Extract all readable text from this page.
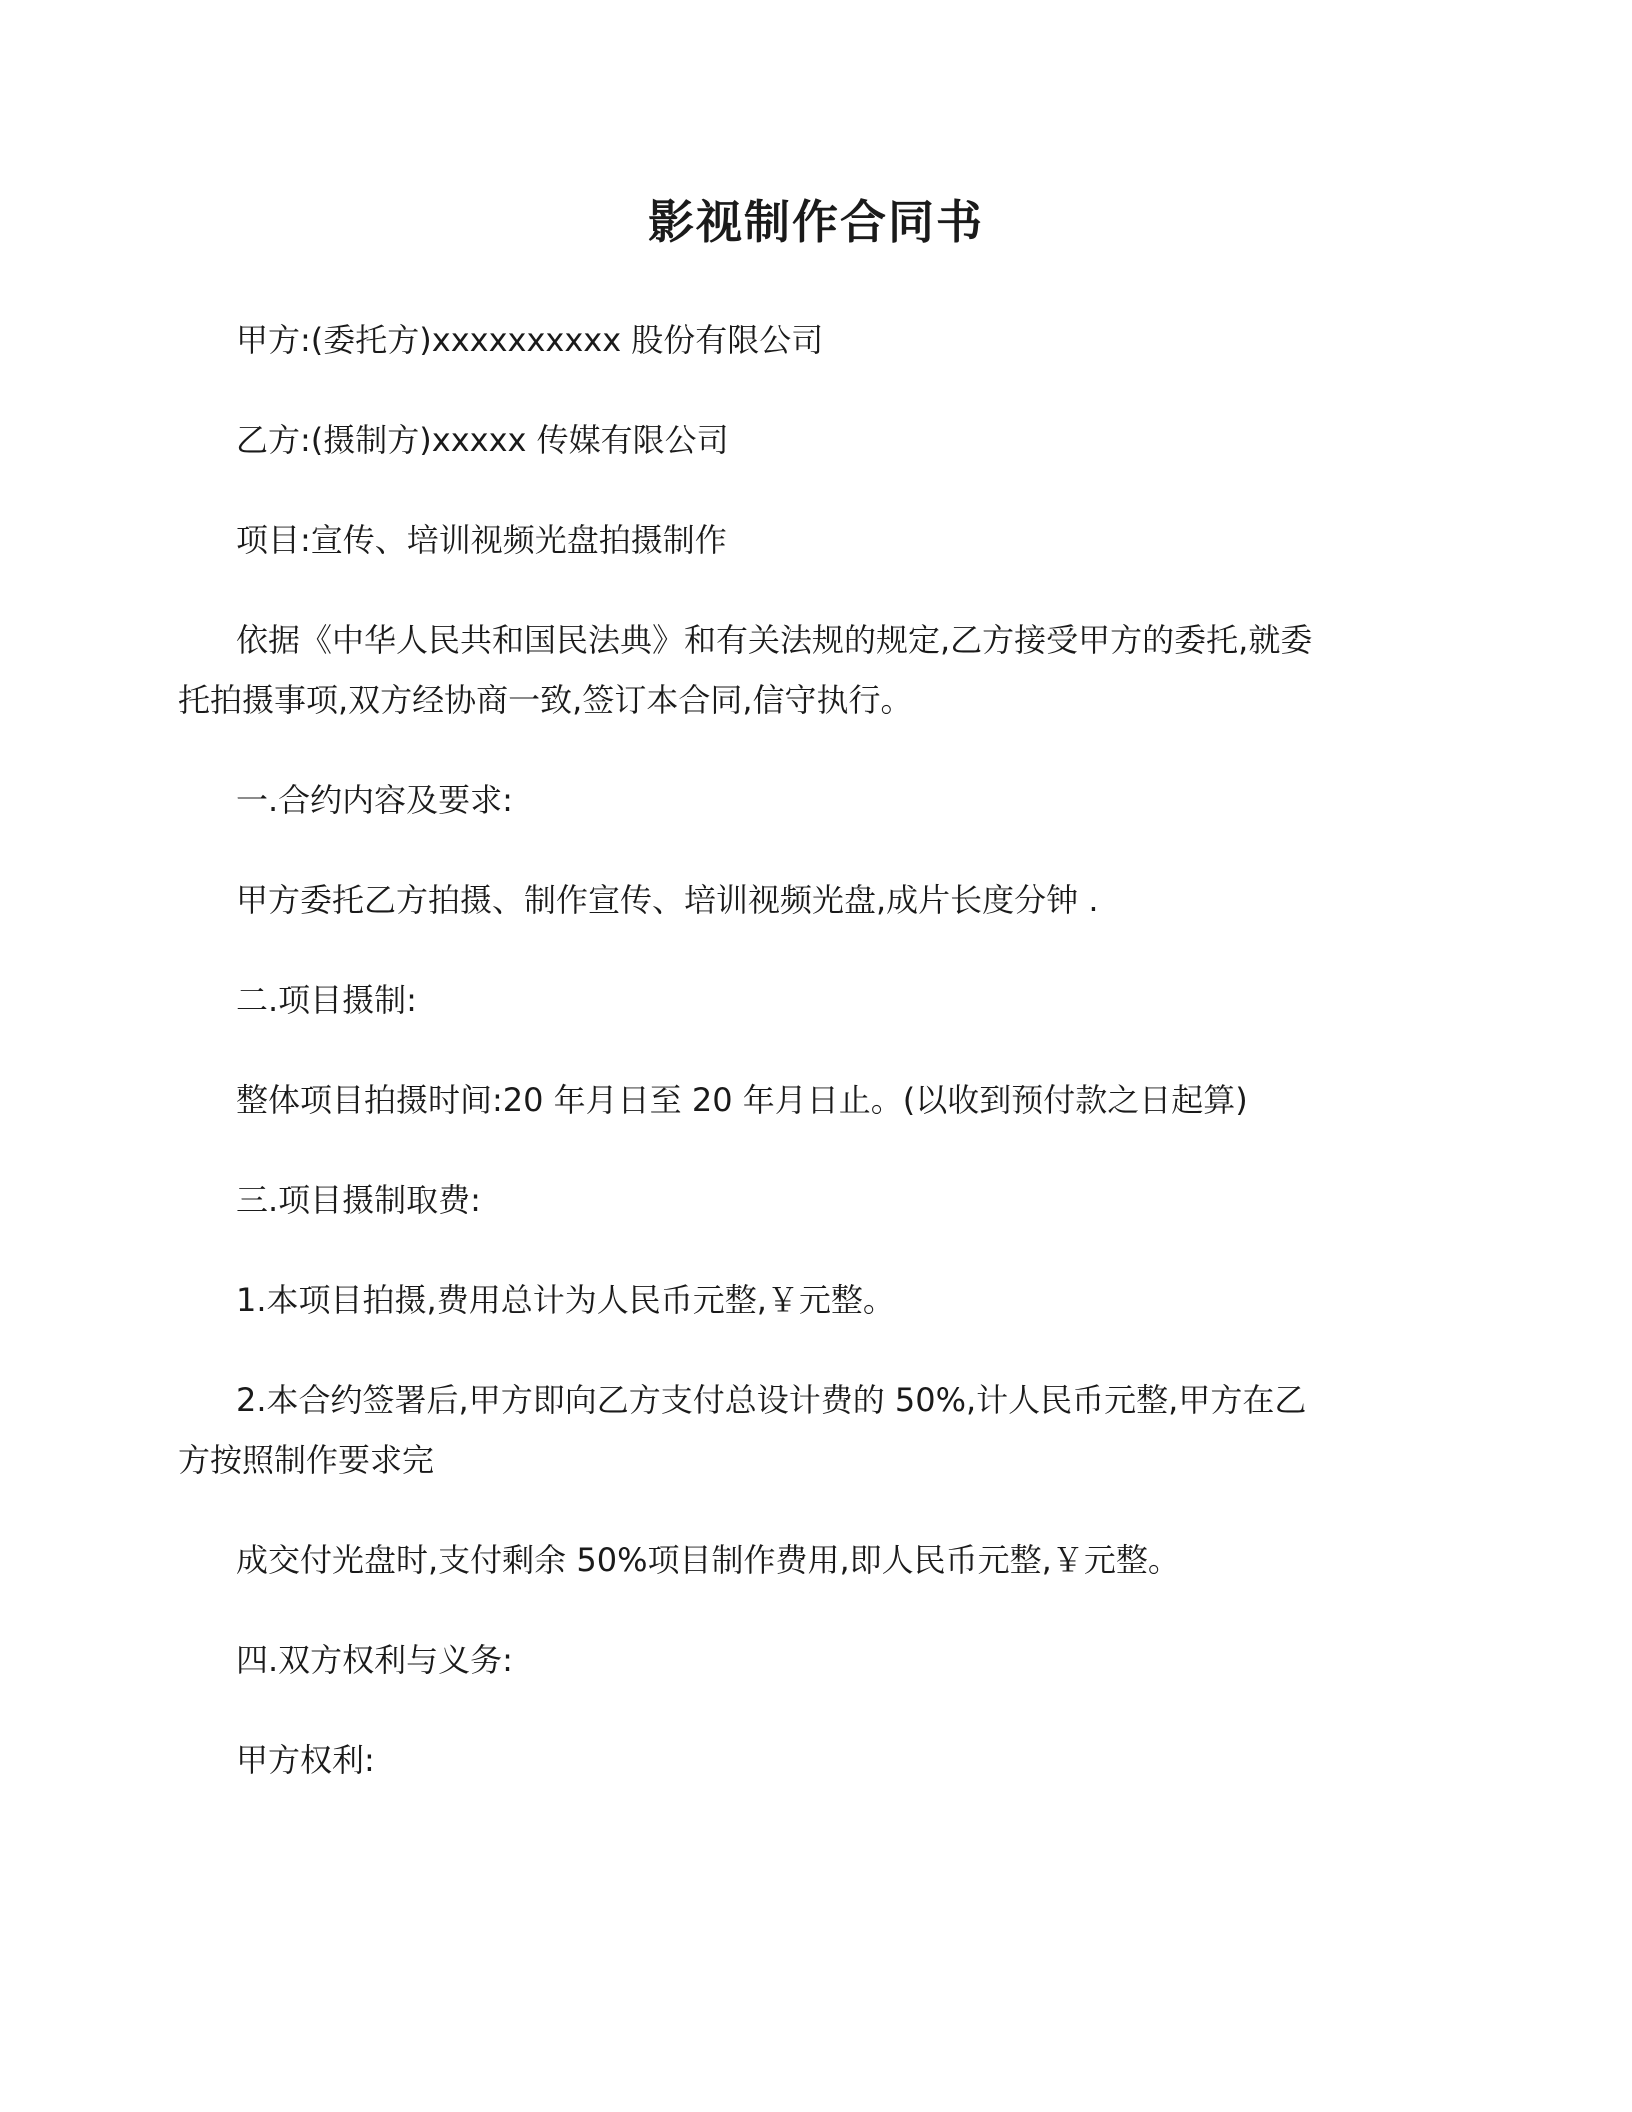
影视制作合同书

甲方:(委托方)xxxxxxxxxx 股份有限公司

乙方:(摄制方)xxxxx 传媒有限公司

项目:宣传、培训视频光盘拍摄制作

依据《中华人民共和国民法典》和有关法规的规定,乙方接受甲方的委托,就委
托拍摄事项,双方经协商一致,签订本合同,信守执行。

一.合约内容及要求:

甲方委托乙方拍摄、制作宣传、培训视频光盘,成片长度分钟 .

二.项目摄制:

整体项目拍摄时间:20 年月日至 20 年月日止。(以收到预付款之日起算)

三.项目摄制取费:

1.本项目拍摄,费用总计为人民币元整,￥元整。

2.本合约签署后,甲方即向乙方支付总设计费的 50%,计人民币元整,甲方在乙
方按照制作要求完

成交付光盘时,支付剩余 50%项目制作费用,即人民币元整,￥元整。

四.双方权利与义务:

甲方权利:
